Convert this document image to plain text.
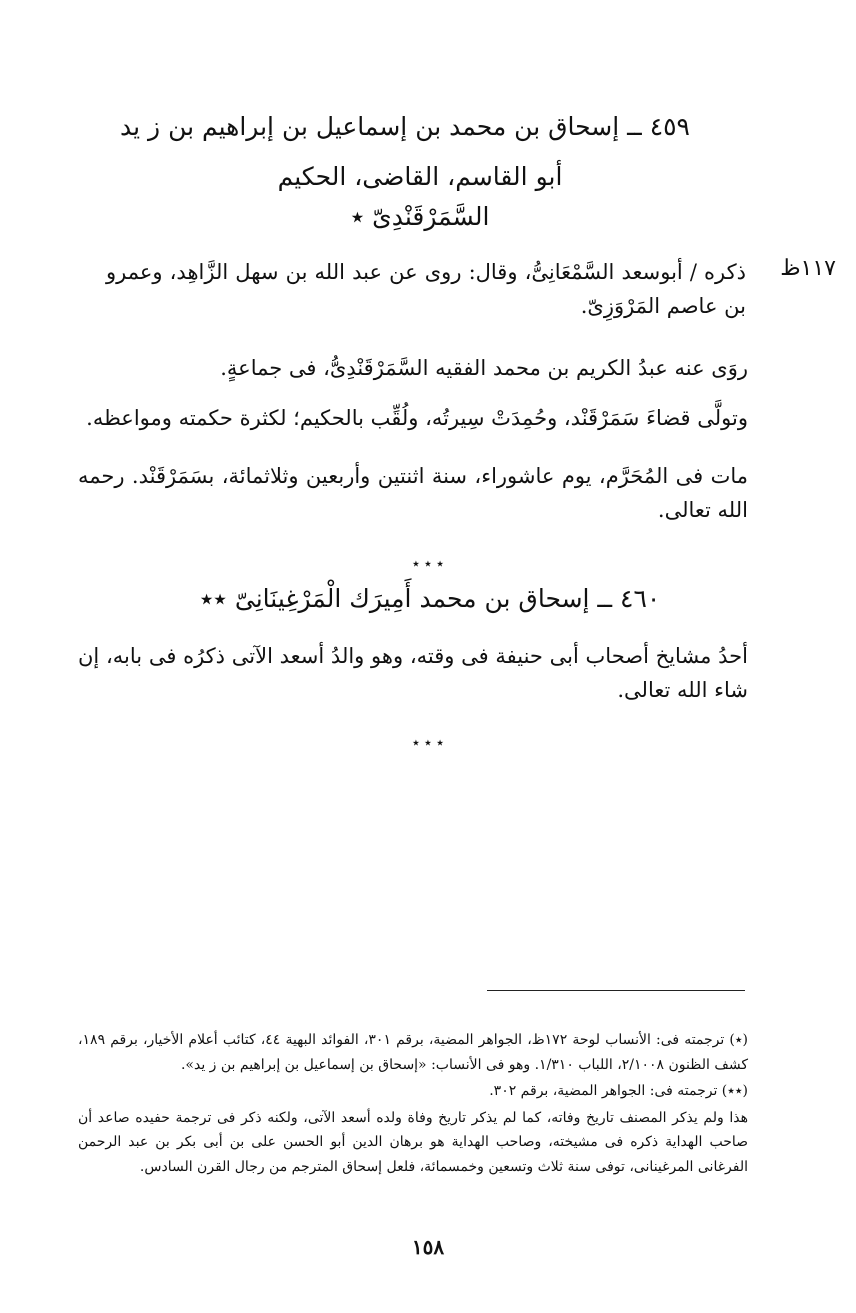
٤٥٩ ــ إسحاق بن محمد بن إسماعيل بن إبراهيم بن ز يد
أبو القاسم، القاضى، الحكيم
السَّمَرْقَنْدِىّ ٭
١١٧ظ
ذكره / أبوسعد السَّمْعَانِىُّ، وقال: روى عن عبد الله بن سهل الزَّاهِد، وعمرو بن عاصم المَرْوَزِىّ.
روَى عنه عبدُ الكريم بن محمد الفقيه السَّمَرْقَنْدِىُّ، فى جماعةٍ.
وتولَّى قضاءَ سَمَرْقَنْد، وحُمِدَتْ سِيرتُه، ولُقِّب بالحكيم؛ لكثرة حكمته ومواعظه.
مات فى المُحَرَّم، يوم عاشوراء، سنة اثنتين وأربعين وثلاثمائة، بسَمَرْقَنْد. رحمه الله تعالى.
٭ ٭ ٭
٤٦٠ ــ إسحاق بن محمد أَمِيرَك الْمَرْغِينَانِىّ ٭٭
أحدُ مشايخ أصحاب أبى حنيفة فى وقته، وهو والدُ أسعد الآتى ذكرُه فى بابه، إن شاء الله تعالى.
٭ ٭ ٭

(٭) ترجمته فى: الأنساب لوحة ١٧٢ظ، الجواهر المضية، برقم ٣٠١، الفوائد البهية ٤٤، كتائب أعلام الأخيار، برقم ١٨٩، كشف الظنون ٢/١٠٠٨، اللباب ١/٣١٠. وهو فى الأنساب: «إسحاق بن إسماعيل بن إبراهيم بن ز يد».

(٭٭) ترجمته فى: الجواهر المضية، برقم ٣٠٢.

هذا ولم يذكر المصنف تاريخ وفاته، كما لم يذكر تاريخ وفاة ولده أسعد الآتى، ولكنه ذكر فى ترجمة حفيده صاعد أن صاحب الهداية ذكره فى مشيخته، وصاحب الهداية هو برهان الدين أبو الحسن على بن أبى بكر بن عبد الرحمن الفرغانى المرغينانى، توفى سنة ثلاث وتسعين وخمسمائة، فلعل إسحاق المترجم من رجال القرن السادس.

١٥٨
